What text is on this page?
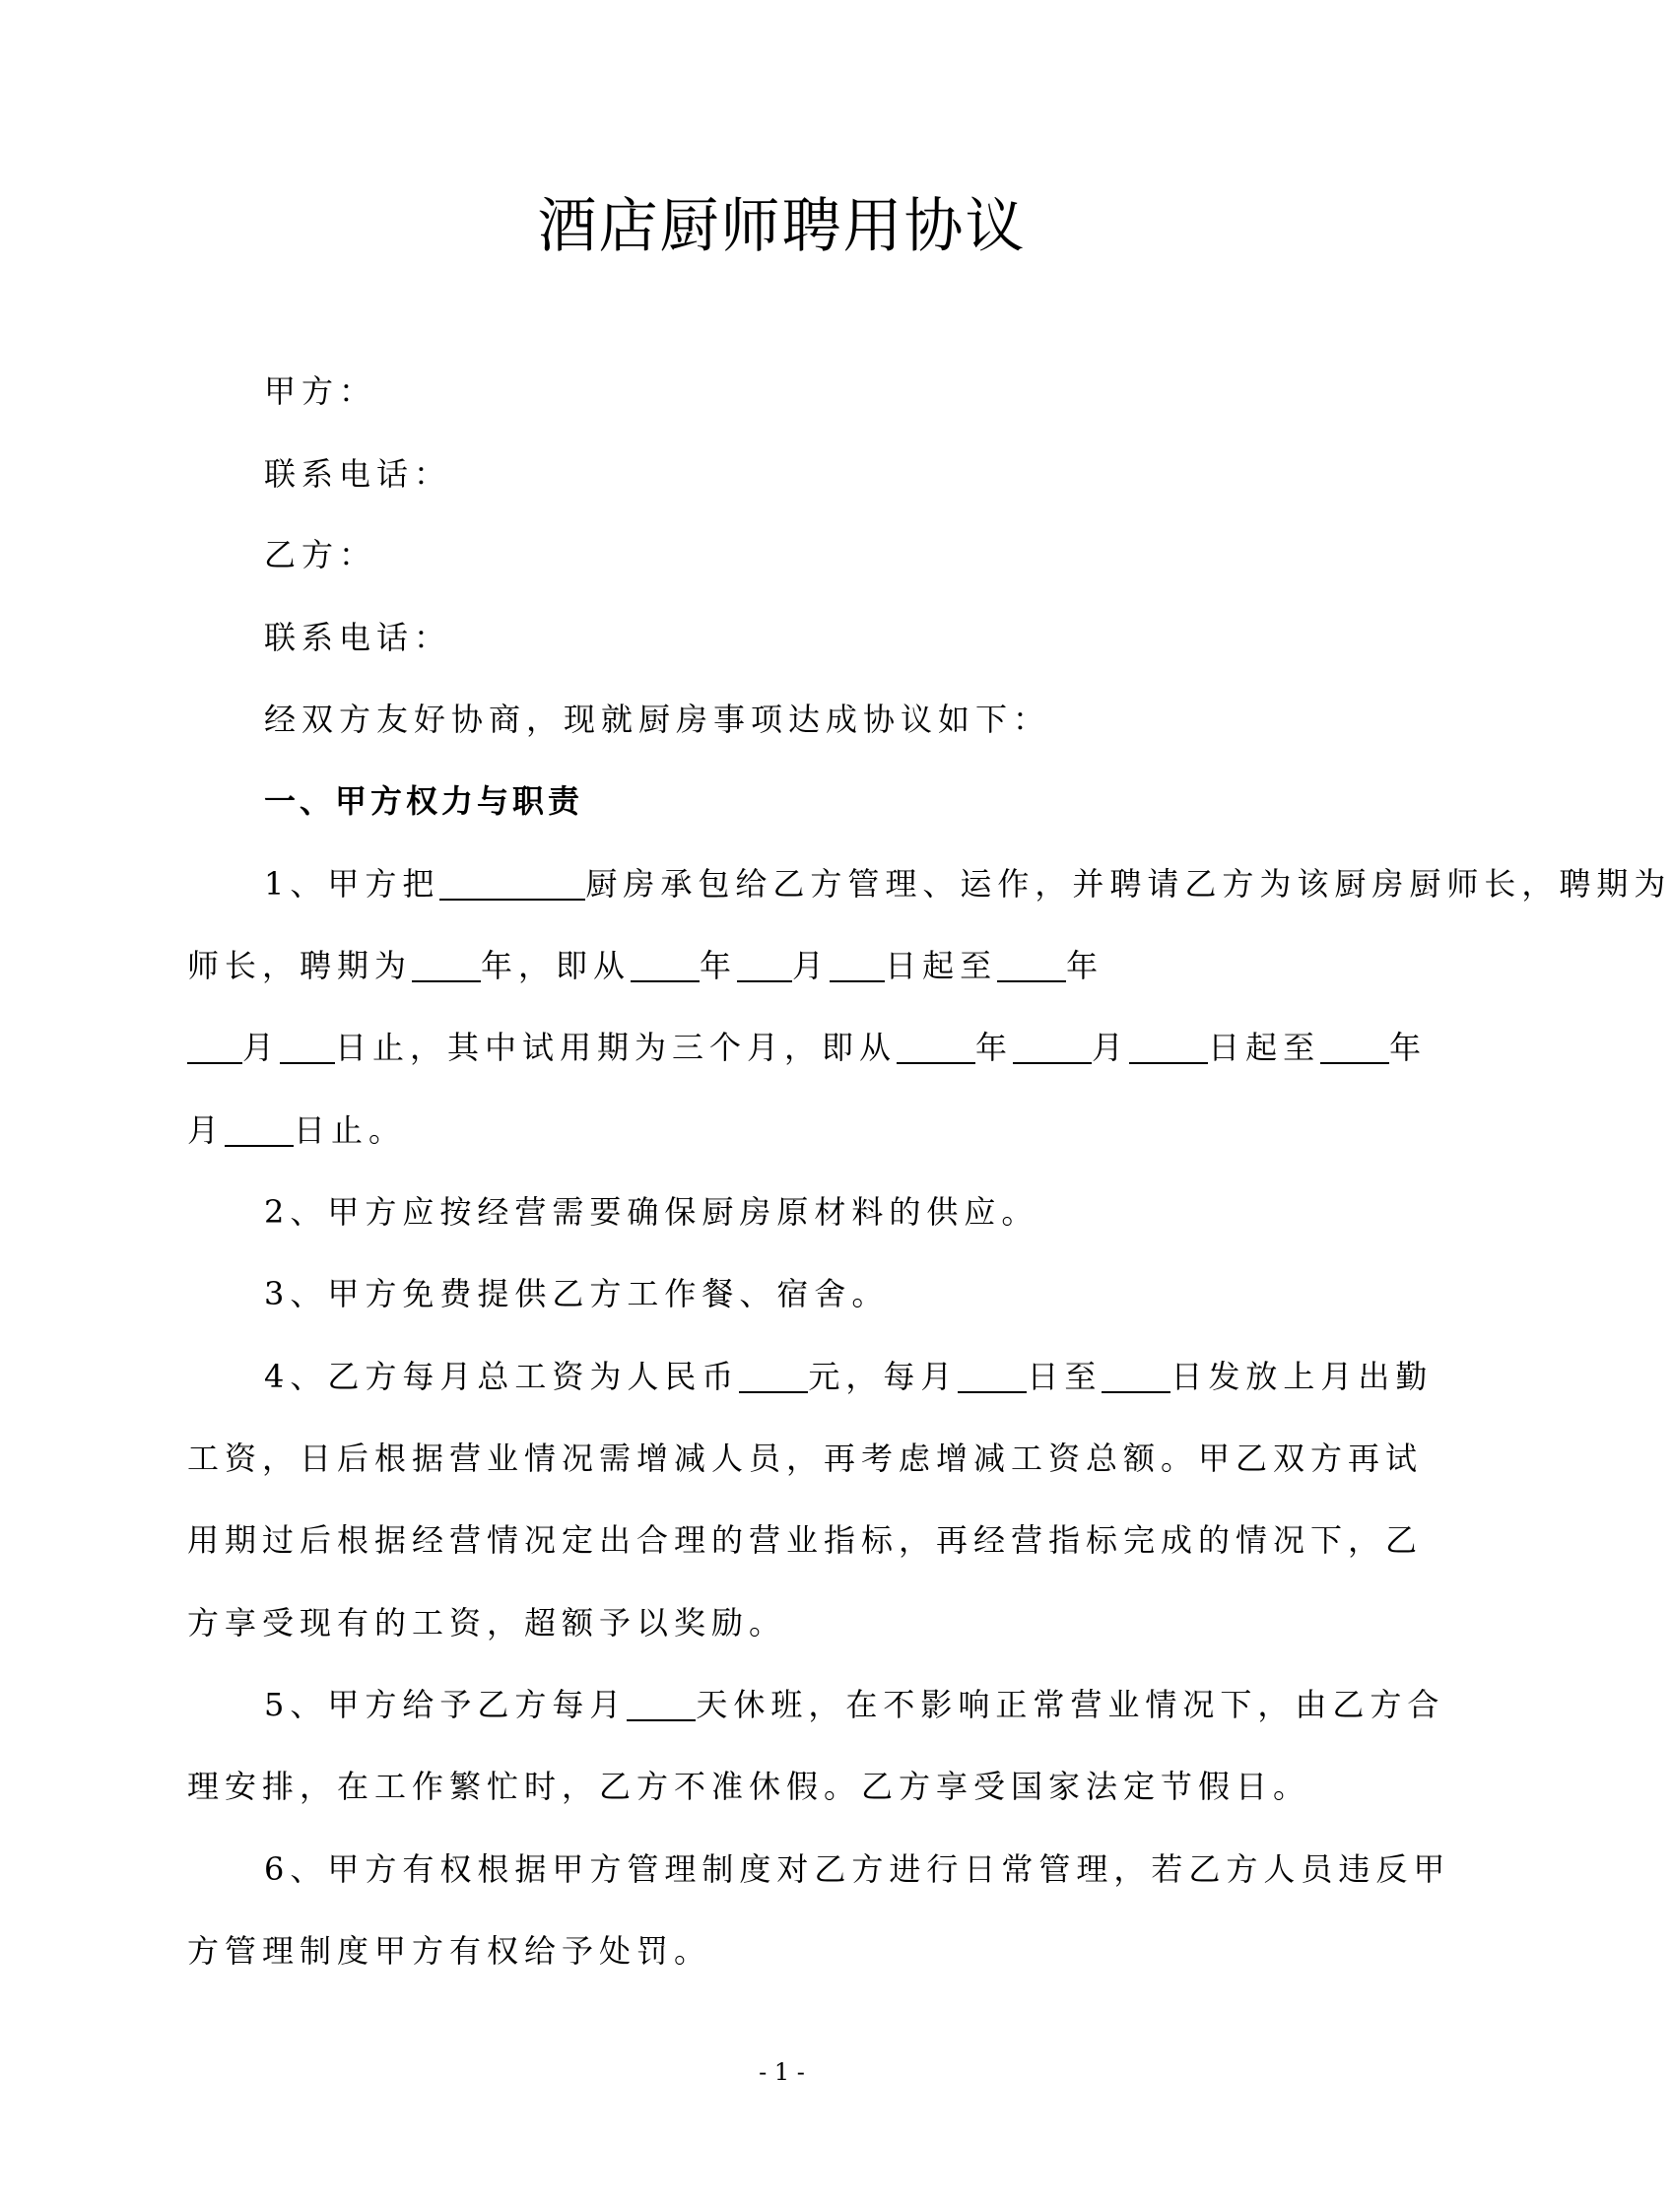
酒店厨师聘用协议
甲方：
联系电话：
乙方：
联系电话：
经双方友好协商，现就厨房事项达成协议如下：
一、甲方权力与职责
1、甲方把	厨房承包给乙方管理、运作，并聘请乙方为该厨房厨师长，聘期为
师长，聘期为 年，即从 年 月 日起至 年
月 日止，其中试用期为三个月，即从	年	月	日起至 年
月 日止。
2、甲方应按经营需要确保厨房原材料的供应。
3、甲方免费提供乙方工作餐、宿舍。
4、乙方每月总工资为人民币 元，每月 日至 日发放上月出勤
工资，日后根据营业情况需增减人员，再考虑增减工资总额。甲乙双方再试
用期过后根据经营情况定出合理的营业指标，再经营指标完成的情况下，乙
方享受现有的工资，超额予以奖励。
5、甲方给予乙方每月 天休班，在不影响正常营业情况下，由乙方合
理安排，在工作繁忙时，乙方不准休假。乙方享受国家法定节假日。
6、甲方有权根据甲方管理制度对乙方进行日常管理，若乙方人员违反甲
方管理制度甲方有权给予处罚。
- 1 -
